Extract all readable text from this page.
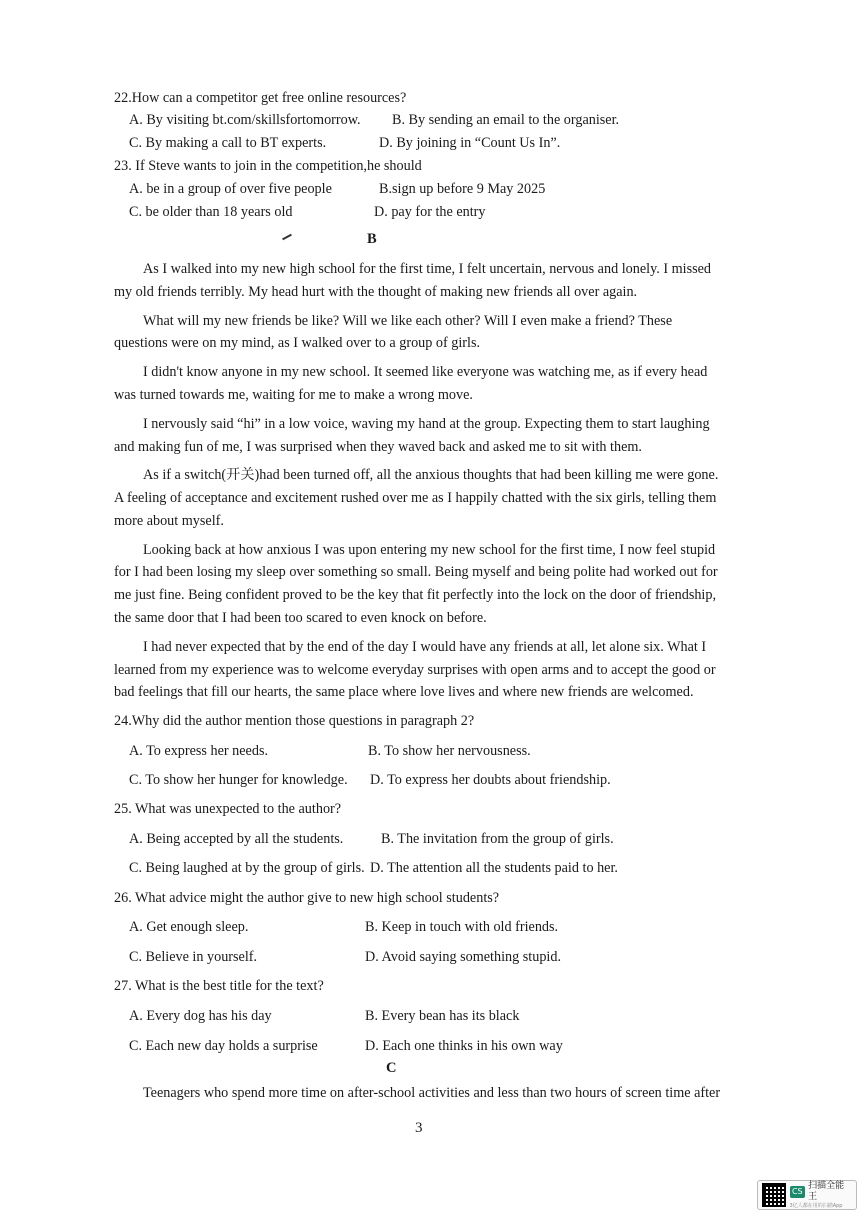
22.How can a competitor get free online resources?
A. By visiting bt.com/skillsfortomorrow. B. By sending an email to the organiser.
C. By making a call to BT experts.	D. By joining in “Count Us In”.
23. If Steve wants to join in the competition,he should
A. be in a group of over five people	B.sign up before 9 May 2025
C. be older than 18 years old	D. pay for the entry
B
As I walked into my new high school for the first time, I felt uncertain, nervous and lonely. I missed
my old friends terribly. My head hurt with the thought of making new friends all over again.
What will my new friends be like? Will we like each other? Will I even make a friend? These
questions were on my mind, as I walked over to a group of girls.
I didn't know anyone in my new school. It seemed like everyone was watching me, as if every head
was turned towards me, waiting for me to make a wrong move.
I nervously said “hi” in a low voice, waving my hand at the group. Expecting them to start laughing
and making fun of me, I was surprised when they waved back and asked me to sit with them.
As if a switch(开关)had been turned off, all the anxious thoughts that had been killing me were gone.
A feeling of acceptance and excitement rushed over me as I happily chatted with the six girls, telling them
more about myself.
Looking back at how anxious I was upon entering my new school for the first time, I now feel stupid
for I had been losing my sleep over something so small. Being myself and being polite had worked out for
me just fine. Being confident proved to be the key that fit perfectly into the lock on the door of friendship,
the same door that I had been too scared to even knock on before.
I had never expected that by the end of the day I would have any friends at all, let alone six. What I
learned from my experience was to welcome everyday surprises with open arms and to accept the good or
bad feelings that fill our hearts, the same place where love lives and where new friends are welcomed.
24.Why did the author mention those questions in paragraph 2?
A. To express her needs.	B. To show her nervousness.
C. To show her hunger for knowledge. D. To express her doubts about friendship.
25. What was unexpected to the author?
A. Being accepted by all the students.	B. The invitation from the group of girls.
C. Being laughed at by the group of girls. D. The attention all the students paid to her.
26. What advice might the author give to new high school students?
A. Get enough sleep.	B. Keep in touch with old friends.
C. Believe in yourself.	D. Avoid saying something stupid.
27. What is the best title for the text?
A. Every dog has his day	B. Every bean has its black
C. Each new day holds a surprise	D. Each one thinks in his own way
C
Teenagers who spend more time on after-school activities and less than two hours of screen time after
3
CS
扫描全能王
3亿人都在用的扫描App
